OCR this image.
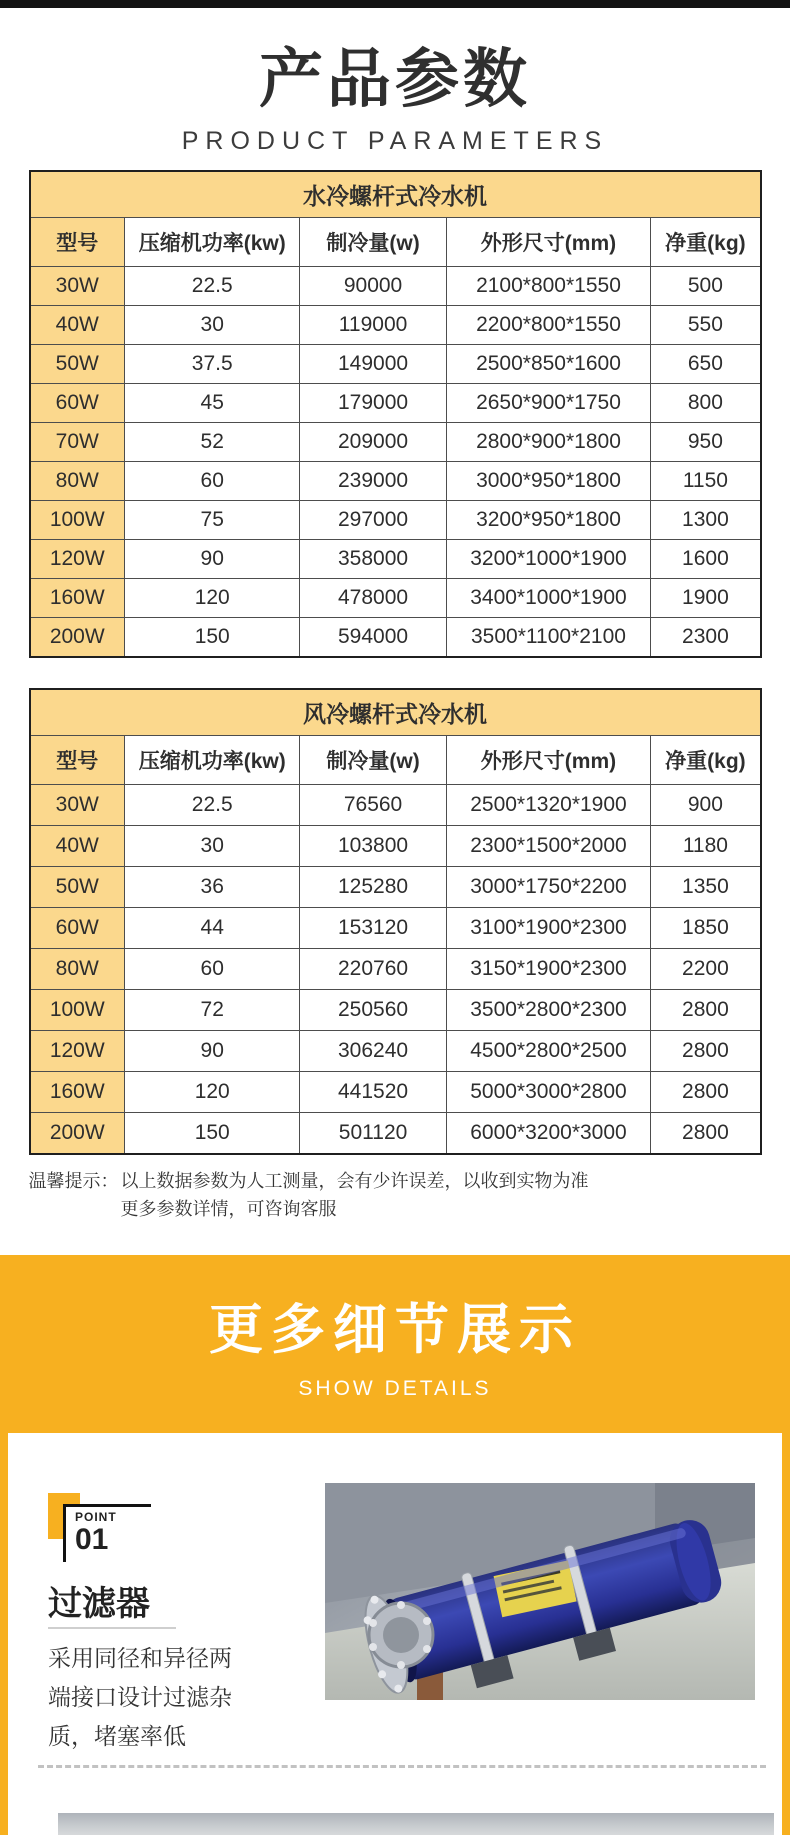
产品参数
PRODUCT PARAMETERS
水冷螺杆式冷水机				
型号	压缩机功率(kw)	制冷量(w)	外形尺寸(mm)	净重(kg)
30W	22.5	90000	2100*800*1550	500
40W	30	119000	2200*800*1550	550
50W	37.5	149000	2500*850*1600	650
60W	45	179000	2650*900*1750	800
70W	52	209000	2800*900*1800	950
80W	60	239000	3000*950*1800	1150
100W	75	297000	3200*950*1800	1300
120W	90	358000	3200*1000*1900	1600
160W	120	478000	3400*1000*1900	1900
200W	150	594000	3500*1100*2100	2300
风冷螺杆式冷水机				
型号	压缩机功率(kw)	制冷量(w)	外形尺寸(mm)	净重(kg)
30W	22.5	76560	2500*1320*1900	900
40W	30	103800	2300*1500*2000	1180
50W	36	125280	3000*1750*2200	1350
60W	44	153120	3100*1900*2300	1850
80W	60	220760	3150*1900*2300	2200
100W	72	250560	3500*2800*2300	2800
120W	90	306240	4500*2800*2500	2800
160W	120	441520	5000*3000*2800	2800
200W	150	501120	6000*3200*3000	2800
温馨提示： 以上数据参数为人工测量，会有少许误差，以收到实物为准
更多参数详情，可咨询客服
更多细节展示
SHOW DETAILS
POINT
01
过滤器
采用同径和异径两
端接口设计过滤杂
质，堵塞率低
